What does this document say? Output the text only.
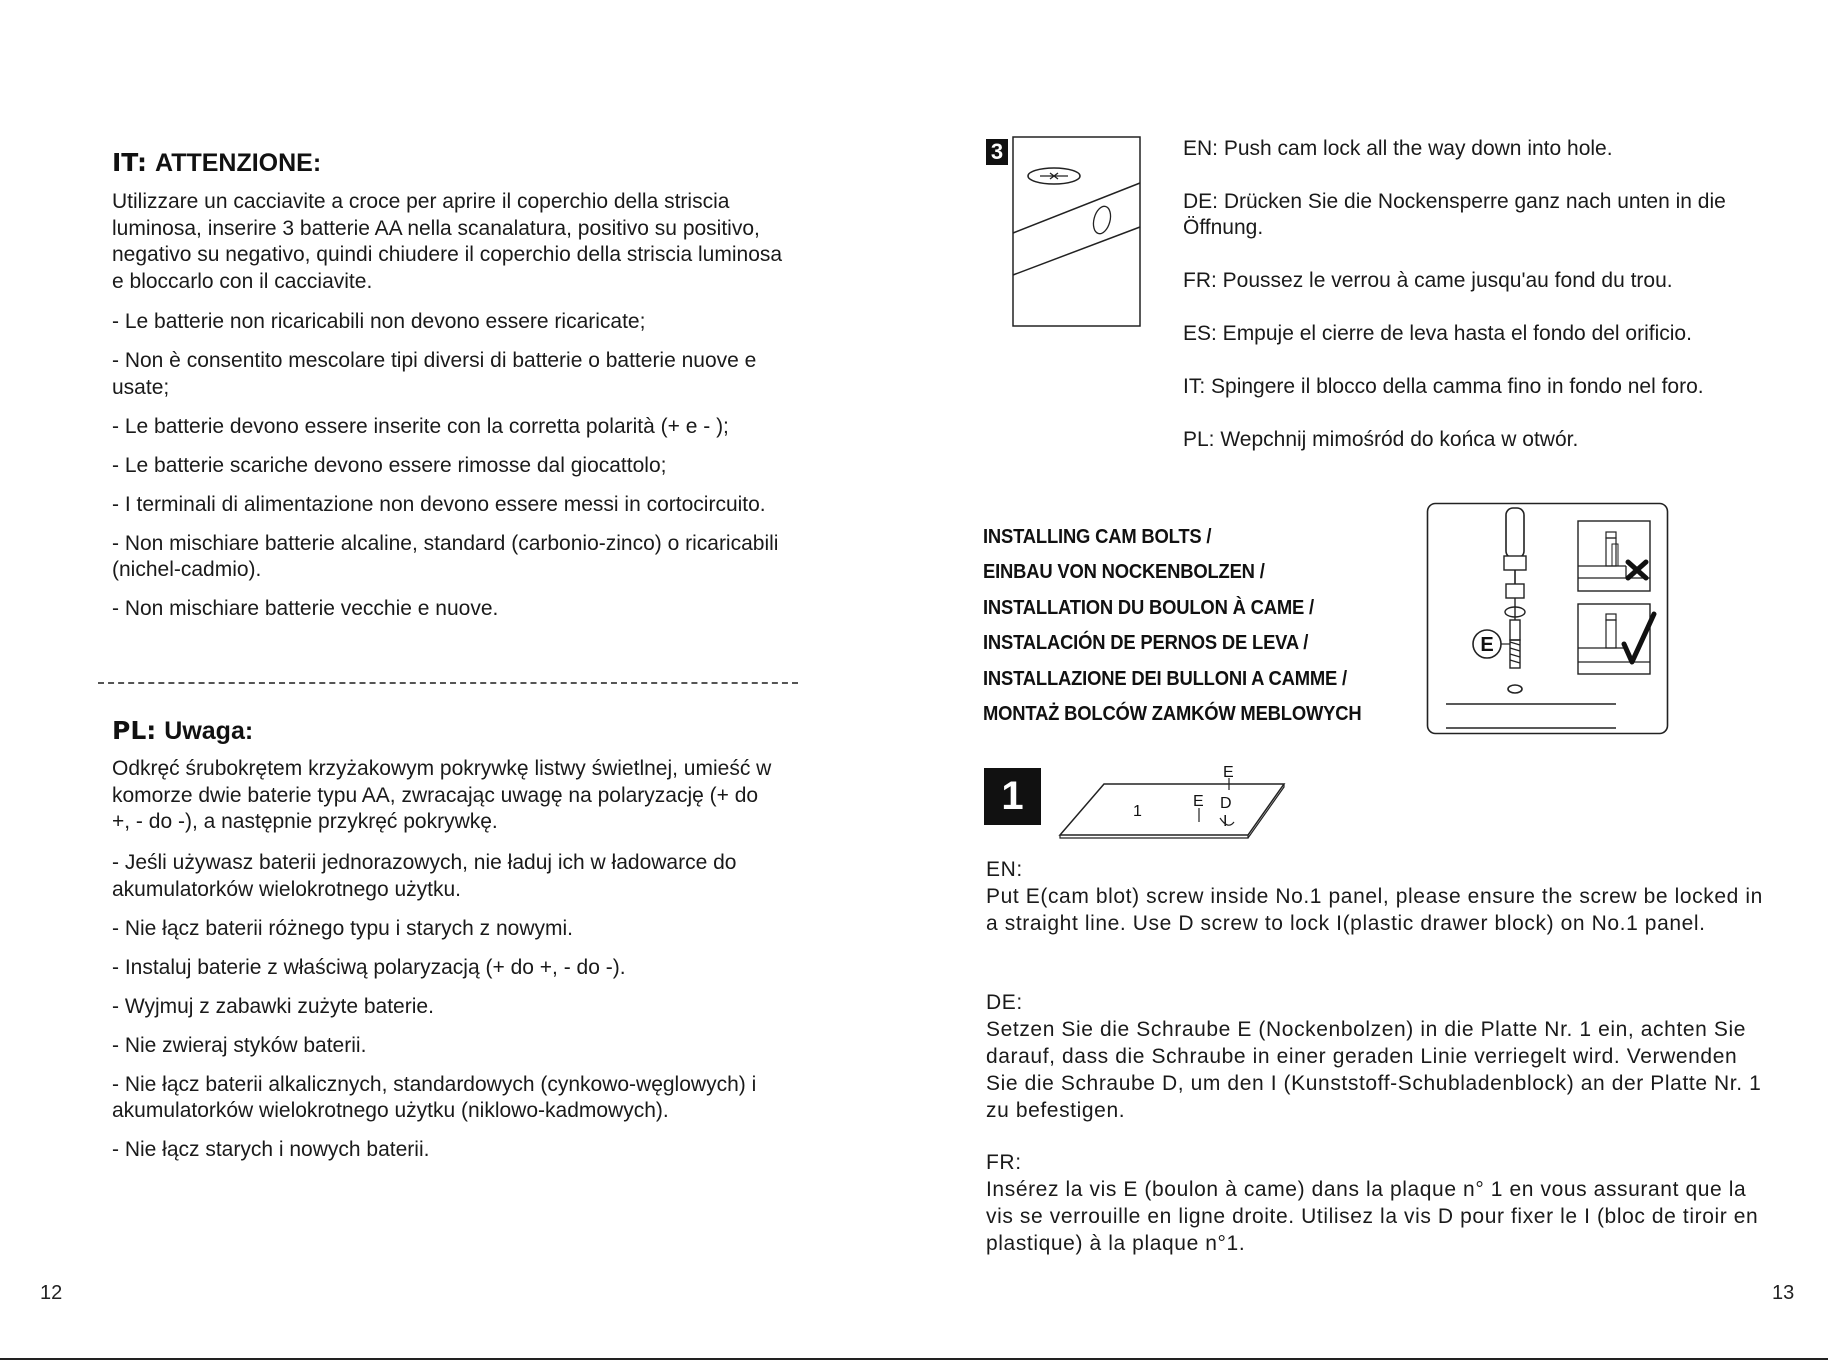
IT: ATTENZIONE:
Utilizzare un cacciavite a croce per aprire il coperchio della striscia luminosa, inserire 3 batterie AA nella scanalatura, positivo su positivo, negativo su negativo, quindi chiudere il coperchio della striscia luminosa e bloccarlo con il cacciavite.
- Le batterie non ricaricabili non devono essere ricaricate;
- Non è consentito mescolare tipi diversi di batterie o batterie nuove e usate;
- Le batterie devono essere inserite con la corretta polarità (+ e - );
- Le batterie scariche devono essere rimosse dal giocattolo;
- I terminali di alimentazione non devono essere messi in cortocircuito.
- Non mischiare batterie alcaline, standard (carbonio-zinco) o ricaricabili (nichel-cadmio).
- Non mischiare batterie vecchie e nuove.
PL: Uwaga:
Odkręć śrubokrętem krzyżakowym pokrywkę listwy świetlnej, umieść w komorze dwie baterie typu AA, zwracając uwagę na polaryzację (+ do +, - do -), a następnie przykręć pokrywkę.
- Jeśli używasz baterii jednorazowych, nie ładuj ich w ładowarce do akumulatorków wielokrotnego użytku.
- Nie łącz baterii różnego typu i starych z nowymi.
- Instaluj baterie z właściwą polaryzacją (+ do +, - do -).
- Wyjmuj z zabawki zużyte baterie.
- Nie zwieraj styków baterii.
- Nie łącz baterii alkalicznych, standardowych (cynkowo-węglowych) i akumulatorków wielokrotnego użytku (niklowo-kadmowych).
- Nie łącz starych i nowych baterii.
12
3	EN: Push cam lock all the way down into hole.
DE: Drücken Sie die Nockensperre ganz nach unten in die Öffnung.
FR: Poussez le verrou à came jusqu'au fond du trou.
ES: Empuje el cierre de leva hasta el fondo del orificio.
IT: Spingere il blocco della camma fino in fondo nel foro.
PL: Wepchnij mimośród do końca w otwór.
INSTALLING CAM BOLTS /
EINBAU VON NOCKENBOLZEN /
INSTALLATION DU BOULON À CAME /
INSTALACIÓN DE PERNOS DE LEVA /
INSTALLAZIONE DEI BULLONI A CAMME /
MONTAŻ BOLCÓW ZAMKÓW MEBLOWYCH
E
1
E
1
E D
I
EN:
Put E(cam blot) screw inside No.1 panel, please ensure the screw be locked in a straight line. Use D screw to lock I(plastic drawer block) on No.1 panel.
DE:
Setzen Sie die Schraube E (Nockenbolzen) in die Platte Nr. 1 ein, achten Sie darauf, dass die Schraube in einer geraden Linie verriegelt wird. Verwenden Sie die Schraube D, um den I (Kunststoff-Schubladenblock) an der Platte Nr. 1 zu befestigen.
FR:
Insérez la vis E (boulon à came) dans la plaque n° 1 en vous assurant que la vis se verrouille en ligne droite. Utilisez la vis D pour fixer le I (bloc de tiroir en plastique) à la plaque n°1.
13
